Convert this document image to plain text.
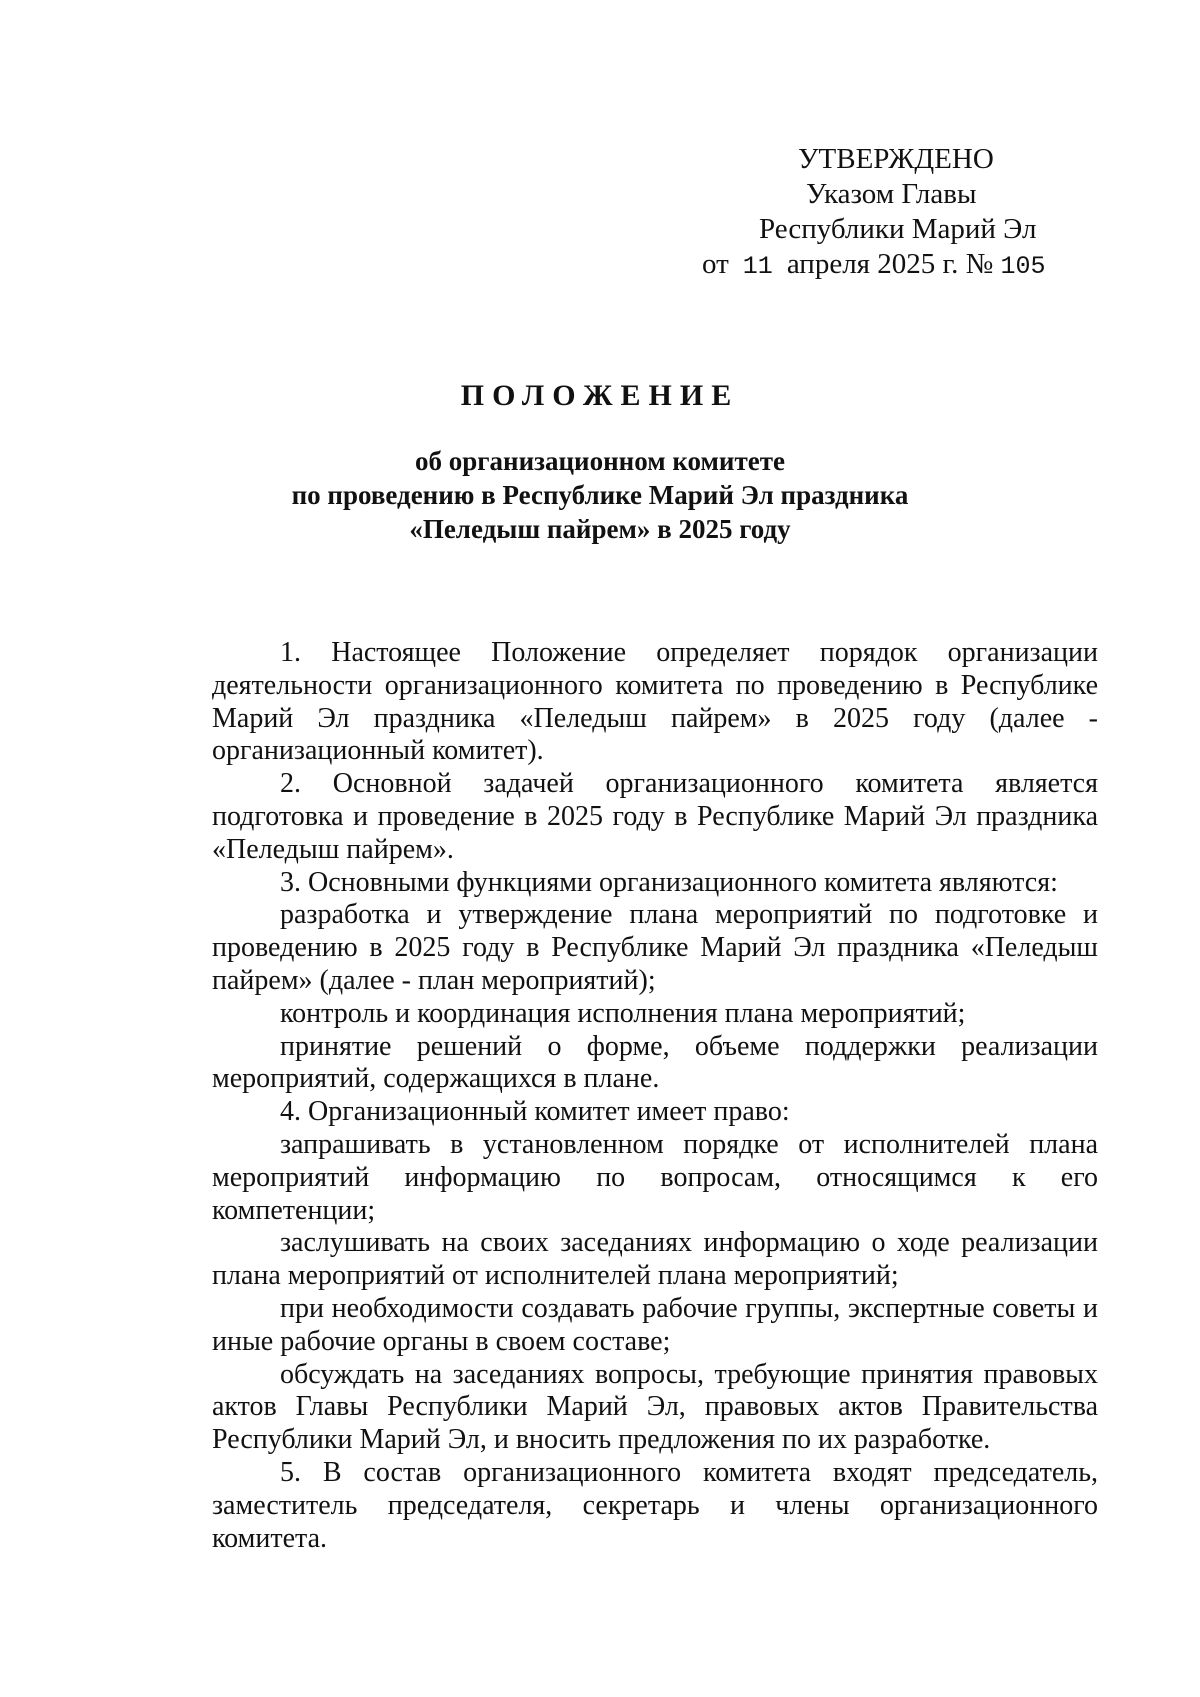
УТВЕРЖДЕНО
Указом Главы
Республики Марий Эл
от 11 апреля 2025 г. № 105
ПОЛОЖЕНИЕ
об организационном комитете
по проведению в Республике Марий Эл праздника
«Пеледыш пайрем» в 2025 году

1. Настоящее Положение определяет порядок организации деятельности организационного комитета по проведению в Республике Марий Эл праздника «Пеледыш пайрем» в 2025 году (далее - организационный комитет).

2. Основной задачей организационного комитета является подготовка и проведение в 2025 году в Республике Марий Эл праздника «Пеледыш пайрем».

3. Основными функциями организационного комитета являются:

разработка и утверждение плана мероприятий по подготовке и проведению в 2025 году в Республике Марий Эл праздника «Пеледыш пайрем» (далее - план мероприятий);

контроль и координация исполнения плана мероприятий;

принятие решений о форме, объеме поддержки реализации мероприятий, содержащихся в плане.

4. Организационный комитет имеет право:

запрашивать в установленном порядке от исполнителей плана мероприятий информацию по вопросам, относящимся к его компетенции;

заслушивать на своих заседаниях информацию о ходе реализации плана мероприятий от исполнителей плана мероприятий;

при необходимости создавать рабочие группы, экспертные советы и иные рабочие органы в своем составе;

обсуждать на заседаниях вопросы, требующие принятия правовых актов Главы Республики Марий Эл, правовых актов Правительства Республики Марий Эл, и вносить предложения по их разработке.

5. В состав организационного комитета входят председатель, заместитель председателя, секретарь и члены организационного комитета.
